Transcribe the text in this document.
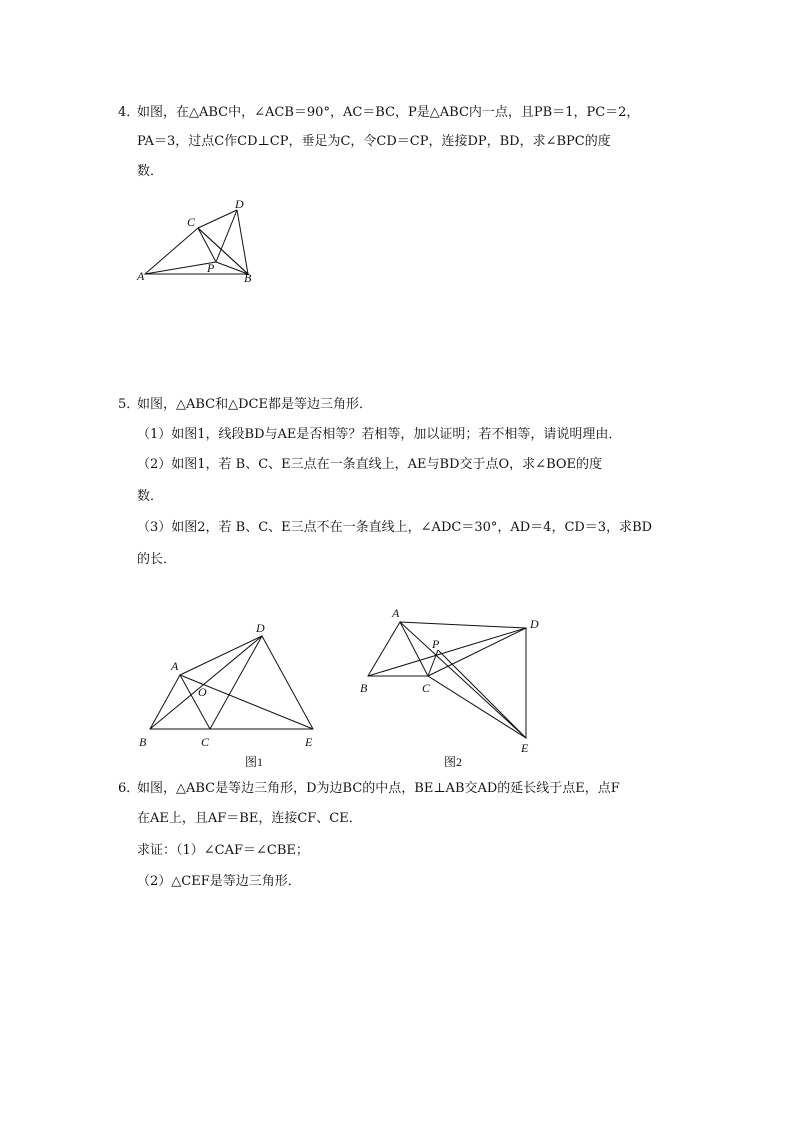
4．
如图，在△ABC中，∠ACB＝90°，AC＝BC，P是△ABC内一点，且PB＝1，PC＝2，
PA＝3，过点C作CD⊥CP，垂足为C，令CD＝CP，连接DP，BD，求∠BPC的度
数．
A	B
C
D
P
5．
如图，△ABC和△DCE都是等边三角形．
（1）如图1，线段BD与AE是否相等？若相等，加以证明；若不相等，请说明理由．
（2）如图1，若 B、C、E三点在一条直线上，AE与BD交于点O，求∠BOE的度
数．
（3）如图2，若 B、C、E三点不在一条直线上，∠ADC＝30°，AD＝4，CD＝3，求BD
的长．
A
B	C
D
E
O
图1
A
B	C
D
E
P
图2
6．
如图，△ABC是等边三角形，D为边BC的中点，BE⊥AB交AD的延长线于点E，点F
在AE上，且AF＝BE，连接CF、CE．
求证：（1）∠CAF＝∠CBE；
（2）△CEF是等边三角形．
